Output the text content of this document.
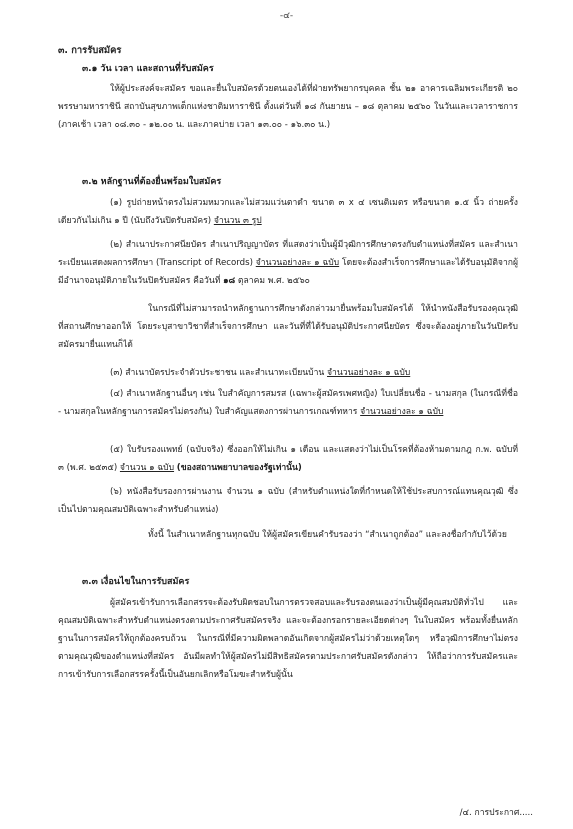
-๔-
๓. การรับสมัคร
๓.๑ วัน เวลา และสถานที่รับสมัคร
ให้ผู้ประสงค์จะสมัคร ขอและยื่นใบสมัครด้วยตนเองได้ที่ฝ่ายทรัพยากรบุคคล ชั้น ๒๑ อาคารเฉลิมพระเกียรติ ๒๐ พรรษามหาราชินี สถาบันสุขภาพเด็กแห่งชาติมหาราชินี ตั้งแต่วันที่ ๑๘ กันยายน – ๑๘ ตุลาคม ๒๕๖๐ ในวันและเวลาราชการ (ภาคเช้า เวลา ๐๘.๓๐ - ๑๒.๐๐ น. และภาคบ่าย เวลา ๑๓.๐๐ - ๑๖.๓๐ น.)
๓.๒ หลักฐานที่ต้องยื่นพร้อมใบสมัคร
(๑) รูปถ่ายหน้าตรงไม่สวมหมวกและไม่สวมแว่นตาดำ ขนาด ๓ x ๔ เซนติเมตร หรือขนาด ๑.๕ นิ้ว ถ่ายครั้งเดียวกันไม่เกิน ๑ ปี (นับถึงวันปิดรับสมัคร) จำนวน ๓ รูป
(๒) สำเนาประกาศนียบัตร สำเนาปริญญาบัตร ที่แสดงว่าเป็นผู้มีวุฒิการศึกษาตรงกับตำแหน่งที่สมัคร และสำเนาระเบียนแสดงผลการศึกษา (Transcript of Records) จำนวนอย่างละ ๑ ฉบับ โดยจะต้องสำเร็จการศึกษาและได้รับอนุมัติจากผู้มีอำนาจอนุมัติภายในวันปิดรับสมัคร คือวันที่ ๑๘ ตุลาคม พ.ศ. ๒๕๖๐
ในกรณีที่ไม่สามารถนำหลักฐานการศึกษาดังกล่าวมายื่นพร้อมใบสมัครได้ ให้นำหนังสือรับรองคุณวุฒิที่สถานศึกษาออกให้ โดยระบุสาขาวิชาที่สำเร็จการศึกษา และวันที่ที่ได้รับอนุมัติประกาศนียบัตร ซึ่งจะต้องอยู่ภายในวันปิดรับสมัครมายื่นแทนก็ได้
(๓) สำเนาบัตรประจำตัวประชาชน และสำเนาทะเบียนบ้าน จำนวนอย่างละ ๑ ฉบับ
(๔) สำเนาหลักฐานอื่นๆ เช่น ใบสำคัญการสมรส (เฉพาะผู้สมัครเพศหญิง) ใบเปลี่ยนชื่อ - นามสกุล (ในกรณีที่ชื่อ - นามสกุลในหลักฐานการสมัครไม่ตรงกัน) ใบสำคัญแสดงการผ่านการเกณฑ์ทหาร จำนวนอย่างละ ๑ ฉบับ
(๕) ใบรับรองแพทย์ (ฉบับจริง) ซึ่งออกให้ไม่เกิน ๑ เดือน และแสดงว่าไม่เป็นโรคที่ต้องห้ามตามกฎ ก.พ. ฉบับที่ ๓ (พ.ศ. ๒๕๓๕) จำนวน ๑ ฉบับ (ของสถานพยาบาลของรัฐเท่านั้น)
(๖) หนังสือรับรองการผ่านงาน จำนวน ๑ ฉบับ (สำหรับตำแหน่งใดที่กำหนดให้ใช้ประสบการณ์แทนคุณวุฒิ ซึ่งเป็นไปตามคุณสมบัติเฉพาะสำหรับตำแหน่ง)
ทั้งนี้ ในสำเนาหลักฐานทุกฉบับ ให้ผู้สมัครเขียนคำรับรองว่า “สำเนาถูกต้อง” และลงชื่อกำกับไว้ด้วย
๓.๓ เงื่อนไขในการรับสมัคร
ผู้สมัครเข้ารับการเลือกสรรจะต้องรับผิดชอบในการตรวจสอบและรับรองตนเองว่าเป็นผู้มีคุณสมบัติทั่วไป และคุณสมบัติเฉพาะสำหรับตำแหน่งตรงตามประกาศรับสมัครจริง และจะต้องกรอกรายละเอียดต่างๆ ในใบสมัคร พร้อมทั้งยื่นหลักฐานในการสมัครให้ถูกต้องครบถ้วน ในกรณีที่มีความผิดพลาดอันเกิดจากผู้สมัครไม่ว่าด้วยเหตุใดๆ หรือวุฒิการศึกษาไม่ตรงตามคุณวุฒิของตำแหน่งที่สมัคร อันมีผลทำให้ผู้สมัครไม่มีสิทธิสมัครตามประกาศรับสมัครดังกล่าว ให้ถือว่าการรับสมัครและการเข้ารับการเลือกสรรครั้งนี้เป็นอันยกเลิกหรือโมฆะสำหรับผู้นั้น
/๔. การประกาศ.....
